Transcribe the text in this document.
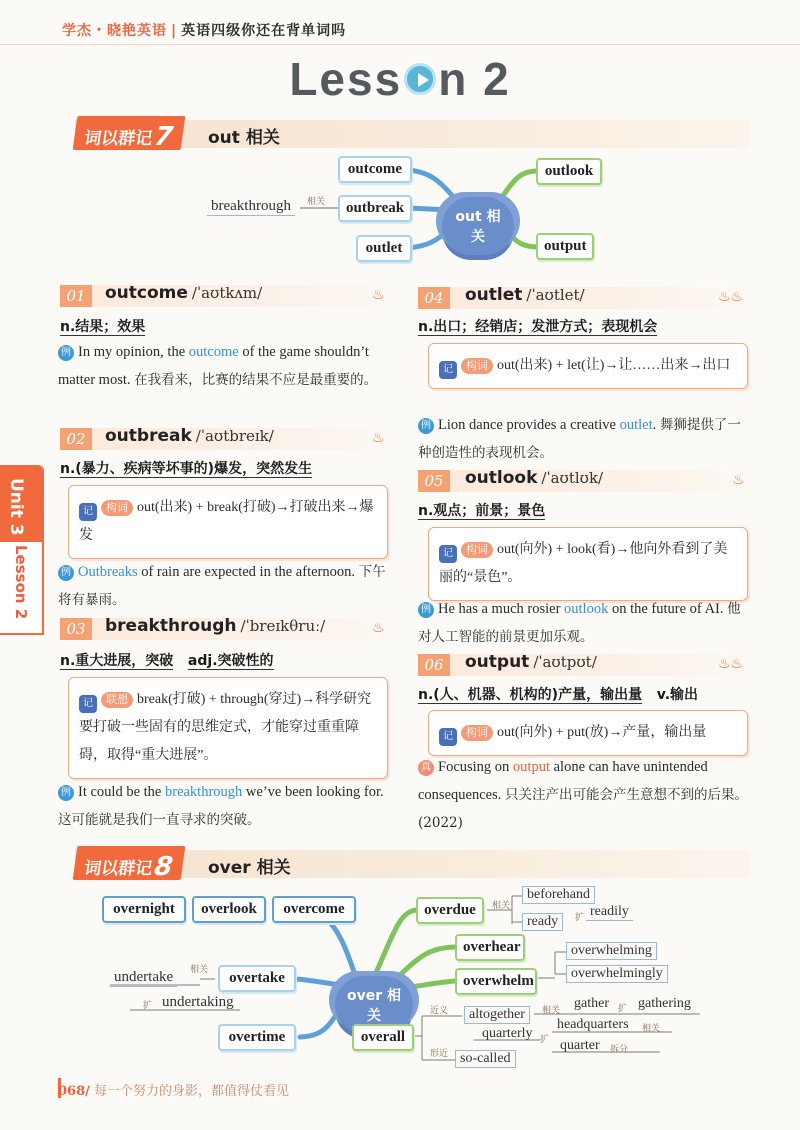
学杰・晓艳英语 | 英语四级你还在背单词吗
Less n 2
Unit 3
Lesson 2
词以群记7	out 相关
outcome
outbreak
outlet
outlook
output
breakthrough	相关
out 相关
01	outcome /ˈaʊtkʌm/	♨
n.结果；效果
例 In my opinion, the outcome of the game shouldn’t matter most. 在我看来，比赛的结果不应是最重要的。
02	outbreak /ˈaʊtbreɪk/	♨
n.(暴力、疾病等坏事的)爆发，突然发生
记 构词 out(出来) + break(打破)→打破出来→爆发
例 Outbreaks of rain are expected in the afternoon. 下午将有暴雨。
03	breakthrough /ˈbreɪkθruː/	♨
n.重大进展，突破 adj.突破性的
记 联想 break(打破) + through(穿过)→科学研究要打破一些固有的思维定式，才能穿过重重障碍，取得“重大进展”。
例 It could be the breakthrough we’ve been looking for. 这可能就是我们一直寻求的突破。
04	outlet /ˈaʊtlet/	♨♨
n.出口；经销店；发泄方式；表现机会
记 构词 out(出来) + let(让)→让……出来→出口
例 Lion dance provides a creative outlet. 舞狮提供了一种创造性的表现机会。
05	outlook /ˈaʊtlʊk/	♨
n.观点；前景；景色
记 构词 out(向外) + look(看)→他向外看到了美丽的“景色”。
例 He has a much rosier outlook on the future of AI. 他对人工智能的前景更加乐观。
06	output /ˈaʊtpʊt/	♨♨
n.(人、机器、机构的)产量，输出量 v.输出
记 构词 out(向外) + put(放)→产量，输出量
真 Focusing on output alone can have unintended consequences. 只关注产出可能会产生意想不到的后果。(2022)
词以群记8	over 相关
overnight	overlook	overcome
overtake
undertake	相关
扩 undertaking
overtime
over 相关
overdue	相关
beforehand
ready	扩 readily
overhear
overwhelm
overwhelming
overwhelmingly
overall
近义
形近
altogether	相关 gather	扩 gathering
quarterly 扩
headquarters	相关
quarter	拆分
so-called
068/ 每一个努力的身影，都值得仗看见
